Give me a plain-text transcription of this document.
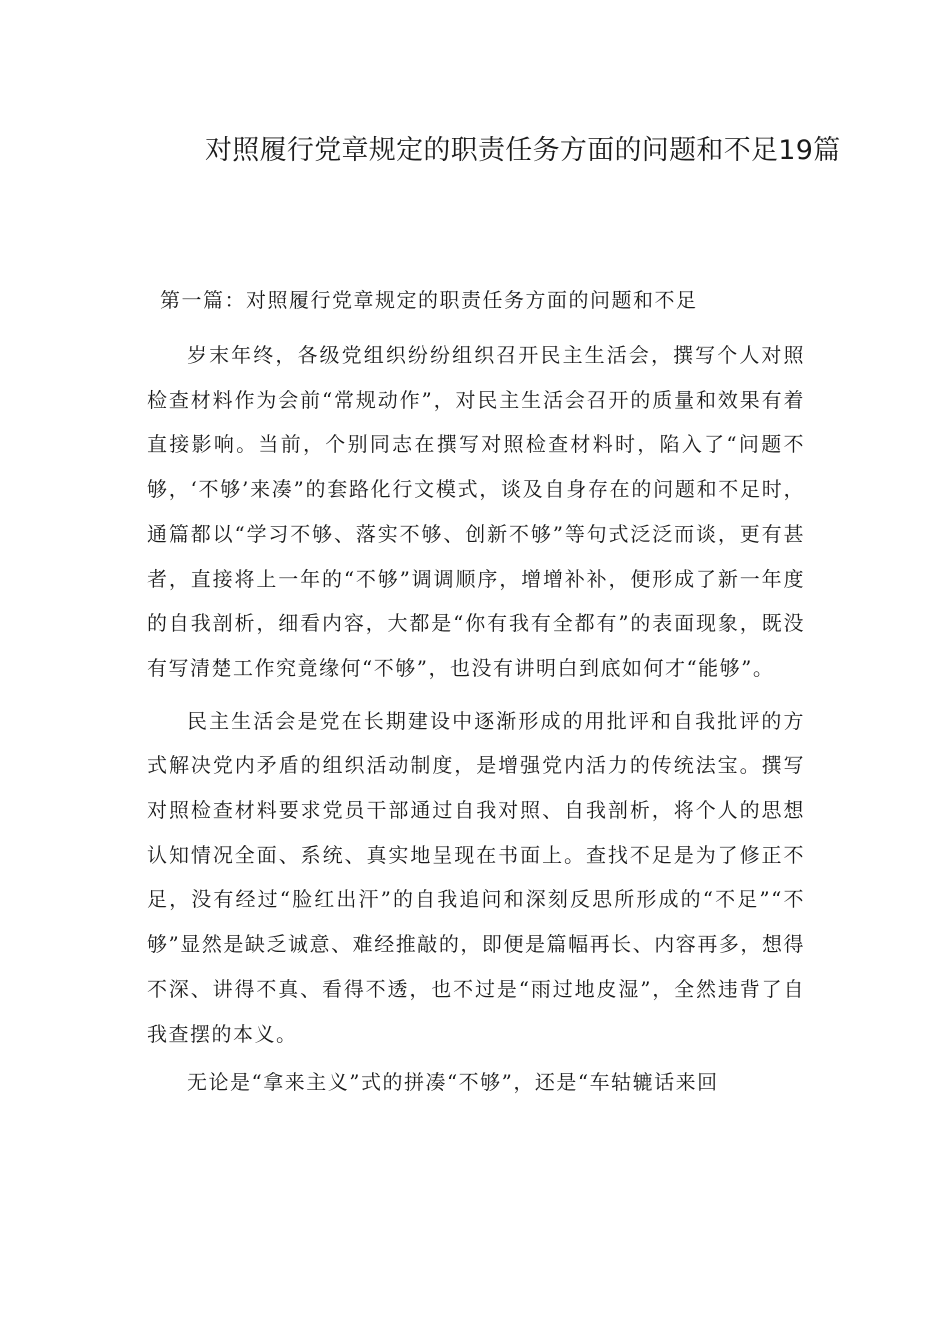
对照履行党章规定的职责任务方面的问题和不足19篇
第一篇：对照履行党章规定的职责任务方面的问题和不足

岁末年终，各级党组织纷纷组织召开民主生活会，撰写个人对照检查材料作为会前“常规动作”，对民主生活会召开的质量和效果有着直接影响。当前，个别同志在撰写对照检查材料时，陷入了“问题不够，‘不够’来凑”的套路化行文模式，谈及自身存在的问题和不足时，通篇都以“学习不够、落实不够、创新不够”等句式泛泛而谈，更有甚者，直接将上一年的“不够”调调顺序，增增补补，便形成了新一年度的自我剖析，细看内容，大都是“你有我有全都有”的表面现象，既没有写清楚工作究竟缘何“不够”，也没有讲明白到底如何才“能够”。

民主生活会是党在长期建设中逐渐形成的用批评和自我批评的方式解决党内矛盾的组织活动制度，是增强党内活力的传统法宝。撰写对照检查材料要求党员干部通过自我对照、自我剖析，将个人的思想认知情况全面、系统、真实地呈现在书面上。查找不足是为了修正不足，没有经过“脸红出汗”的自我追问和深刻反思所形成的“不足”“不够”显然是缺乏诚意、难经推敲的，即便是篇幅再长、内容再多，想得不深、讲得不真、看得不透，也不过是“雨过地皮湿”，全然违背了自我查摆的本义。

无论是“拿来主义”式的拼凑“不够”，还是“车轱辘话来回
